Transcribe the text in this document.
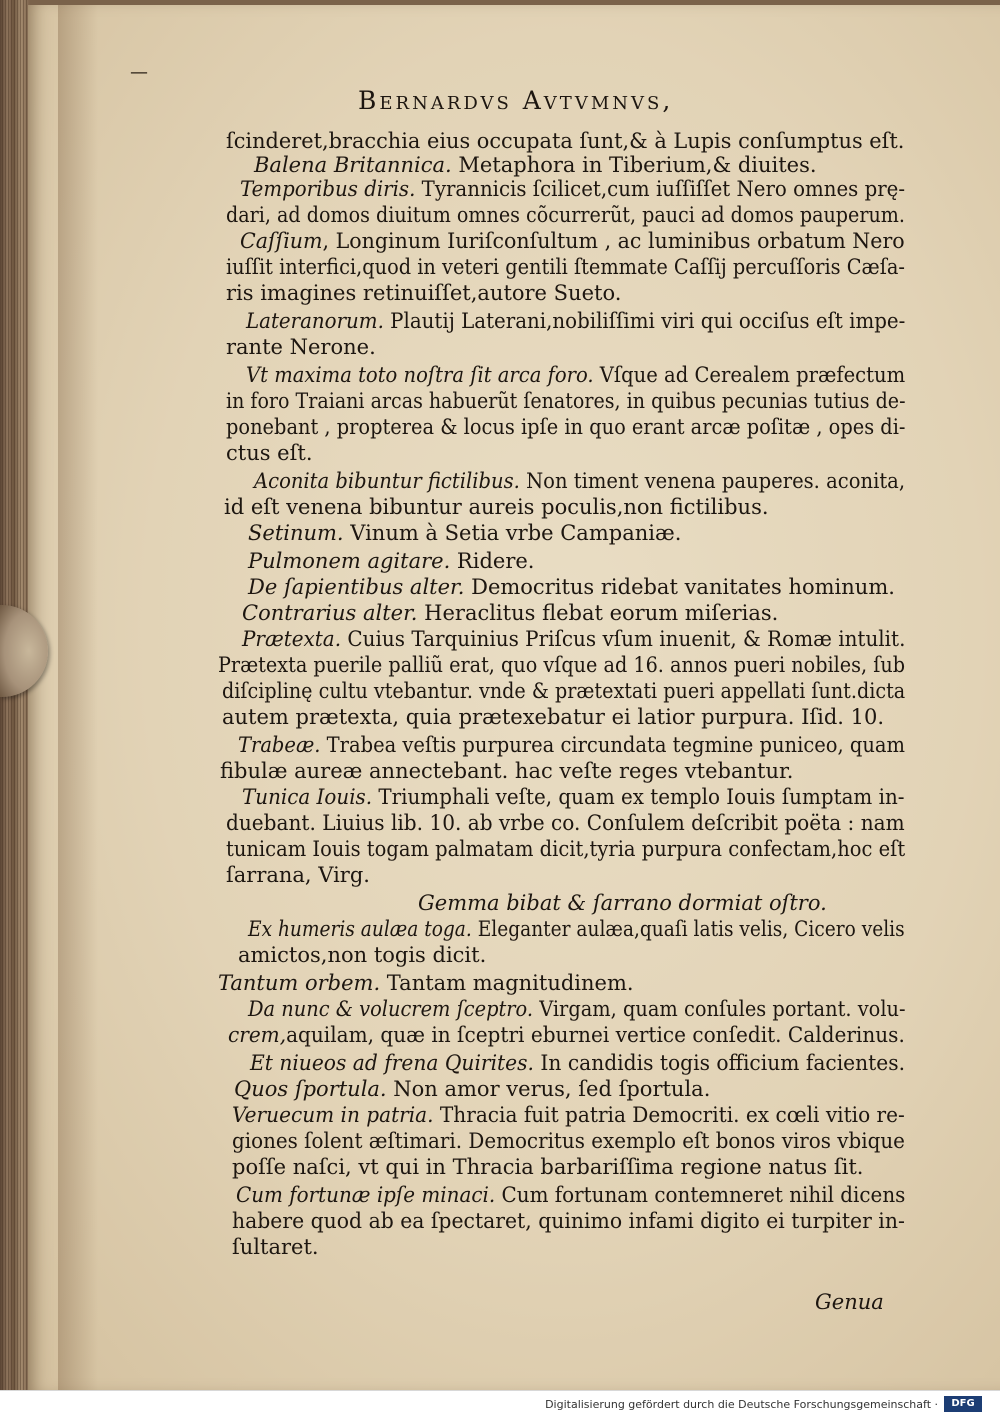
—
Bernardvs Avtvmnvs,
ſcinderet,bracchia eius occupata ſunt,& à Lupis conſumptus eſt.
Balena Britannica. Metaphora in Tiberium,& diuites.
Temporibus diris. Tyrannicis ſcilicet,cum iuſſiſſet Nero omnes prę-
dari, ad domos diuitum omnes cõcurrerũt, pauci ad domos pauperum.
Caſſium, Longinum Iuriſconſultum , ac luminibus orbatum Nero
iuſſit interfici,quod in veteri gentili ſtemmate Caſſij percuſſoris Cæſa-
ris imagines retinuiſſet,autore Sueto.
Lateranorum. Plautij Laterani,nobiliſſimi viri qui occiſus eſt impe-
rante Nerone.
Vt maxima toto noſtra ſit arca foro. Vſque ad Cerealem præfectum
in foro Traiani arcas habuerũt ſenatores, in quibus pecunias tutius de-
ponebant , propterea & locus ipſe in quo erant arcæ poſitæ , opes di-
ctus eſt.
Aconita bibuntur fictilibus. Non timent venena pauperes. aconita,
id eſt venena bibuntur aureis poculis,non fictilibus.
Setinum. Vinum à Setia vrbe Campaniæ.
Pulmonem agitare. Ridere.
De ſapientibus alter. Democritus ridebat vanitates hominum.
Contrarius alter. Heraclitus flebat eorum miſerias.
Prætexta. Cuius Tarquinius Priſcus vſum inuenit, & Romæ intulit.
Prætexta puerile palliũ erat, quo vſque ad 16. annos pueri nobiles, ſub
diſciplinę cultu vtebantur. vnde & prætextati pueri appellati ſunt.dicta
autem prætexta, quia prætexebatur ei latior purpura. Iſid. 10.
Trabeæ. Trabea veſtis purpurea circundata tegmine puniceo, quam
fibulæ aureæ annectebant. hac veſte reges vtebantur.
Tunica Iouis. Triumphali veſte, quam ex templo Iouis ſumptam in-
duebant. Liuius lib. 10. ab vrbe co. Conſulem deſcribit poëta : nam
tunicam Iouis togam palmatam dicit,tyria purpura confectam,hoc eſt
ſarrana, Virg.
Gemma bibat & ſarrano dormiat oſtro.
Ex humeris aulæa toga. Eleganter aulæa,quaſi latis velis, Cicero velis
amictos,non togis dicit.
Tantum orbem. Tantam magnitudinem.
Da nunc & volucrem ſceptro. Virgam, quam conſules portant. volu-
crem,aquilam, quæ in ſceptri eburnei vertice conſedit. Calderinus.
Et niueos ad frena Quirites. In candidis togis officium facientes.
Quos ſportula. Non amor verus, ſed ſportula.
Veruecum in patria. Thracia fuit patria Democriti. ex cœli vitio re-
giones ſolent æſtimari. Democritus exemplo eſt bonos viros vbique
poſſe naſci, vt qui in Thracia barbariſſima regione natus ſit.
Cum fortunæ ipſe minaci. Cum fortunam contemneret nihil dicens
habere quod ab ea ſpectaret, quinimo infami digito ei turpiter in-
ſultaret.
Genua
Digitalisierung gefördert durch die Deutsche Forschungsgemeinschaft ·	DFG
